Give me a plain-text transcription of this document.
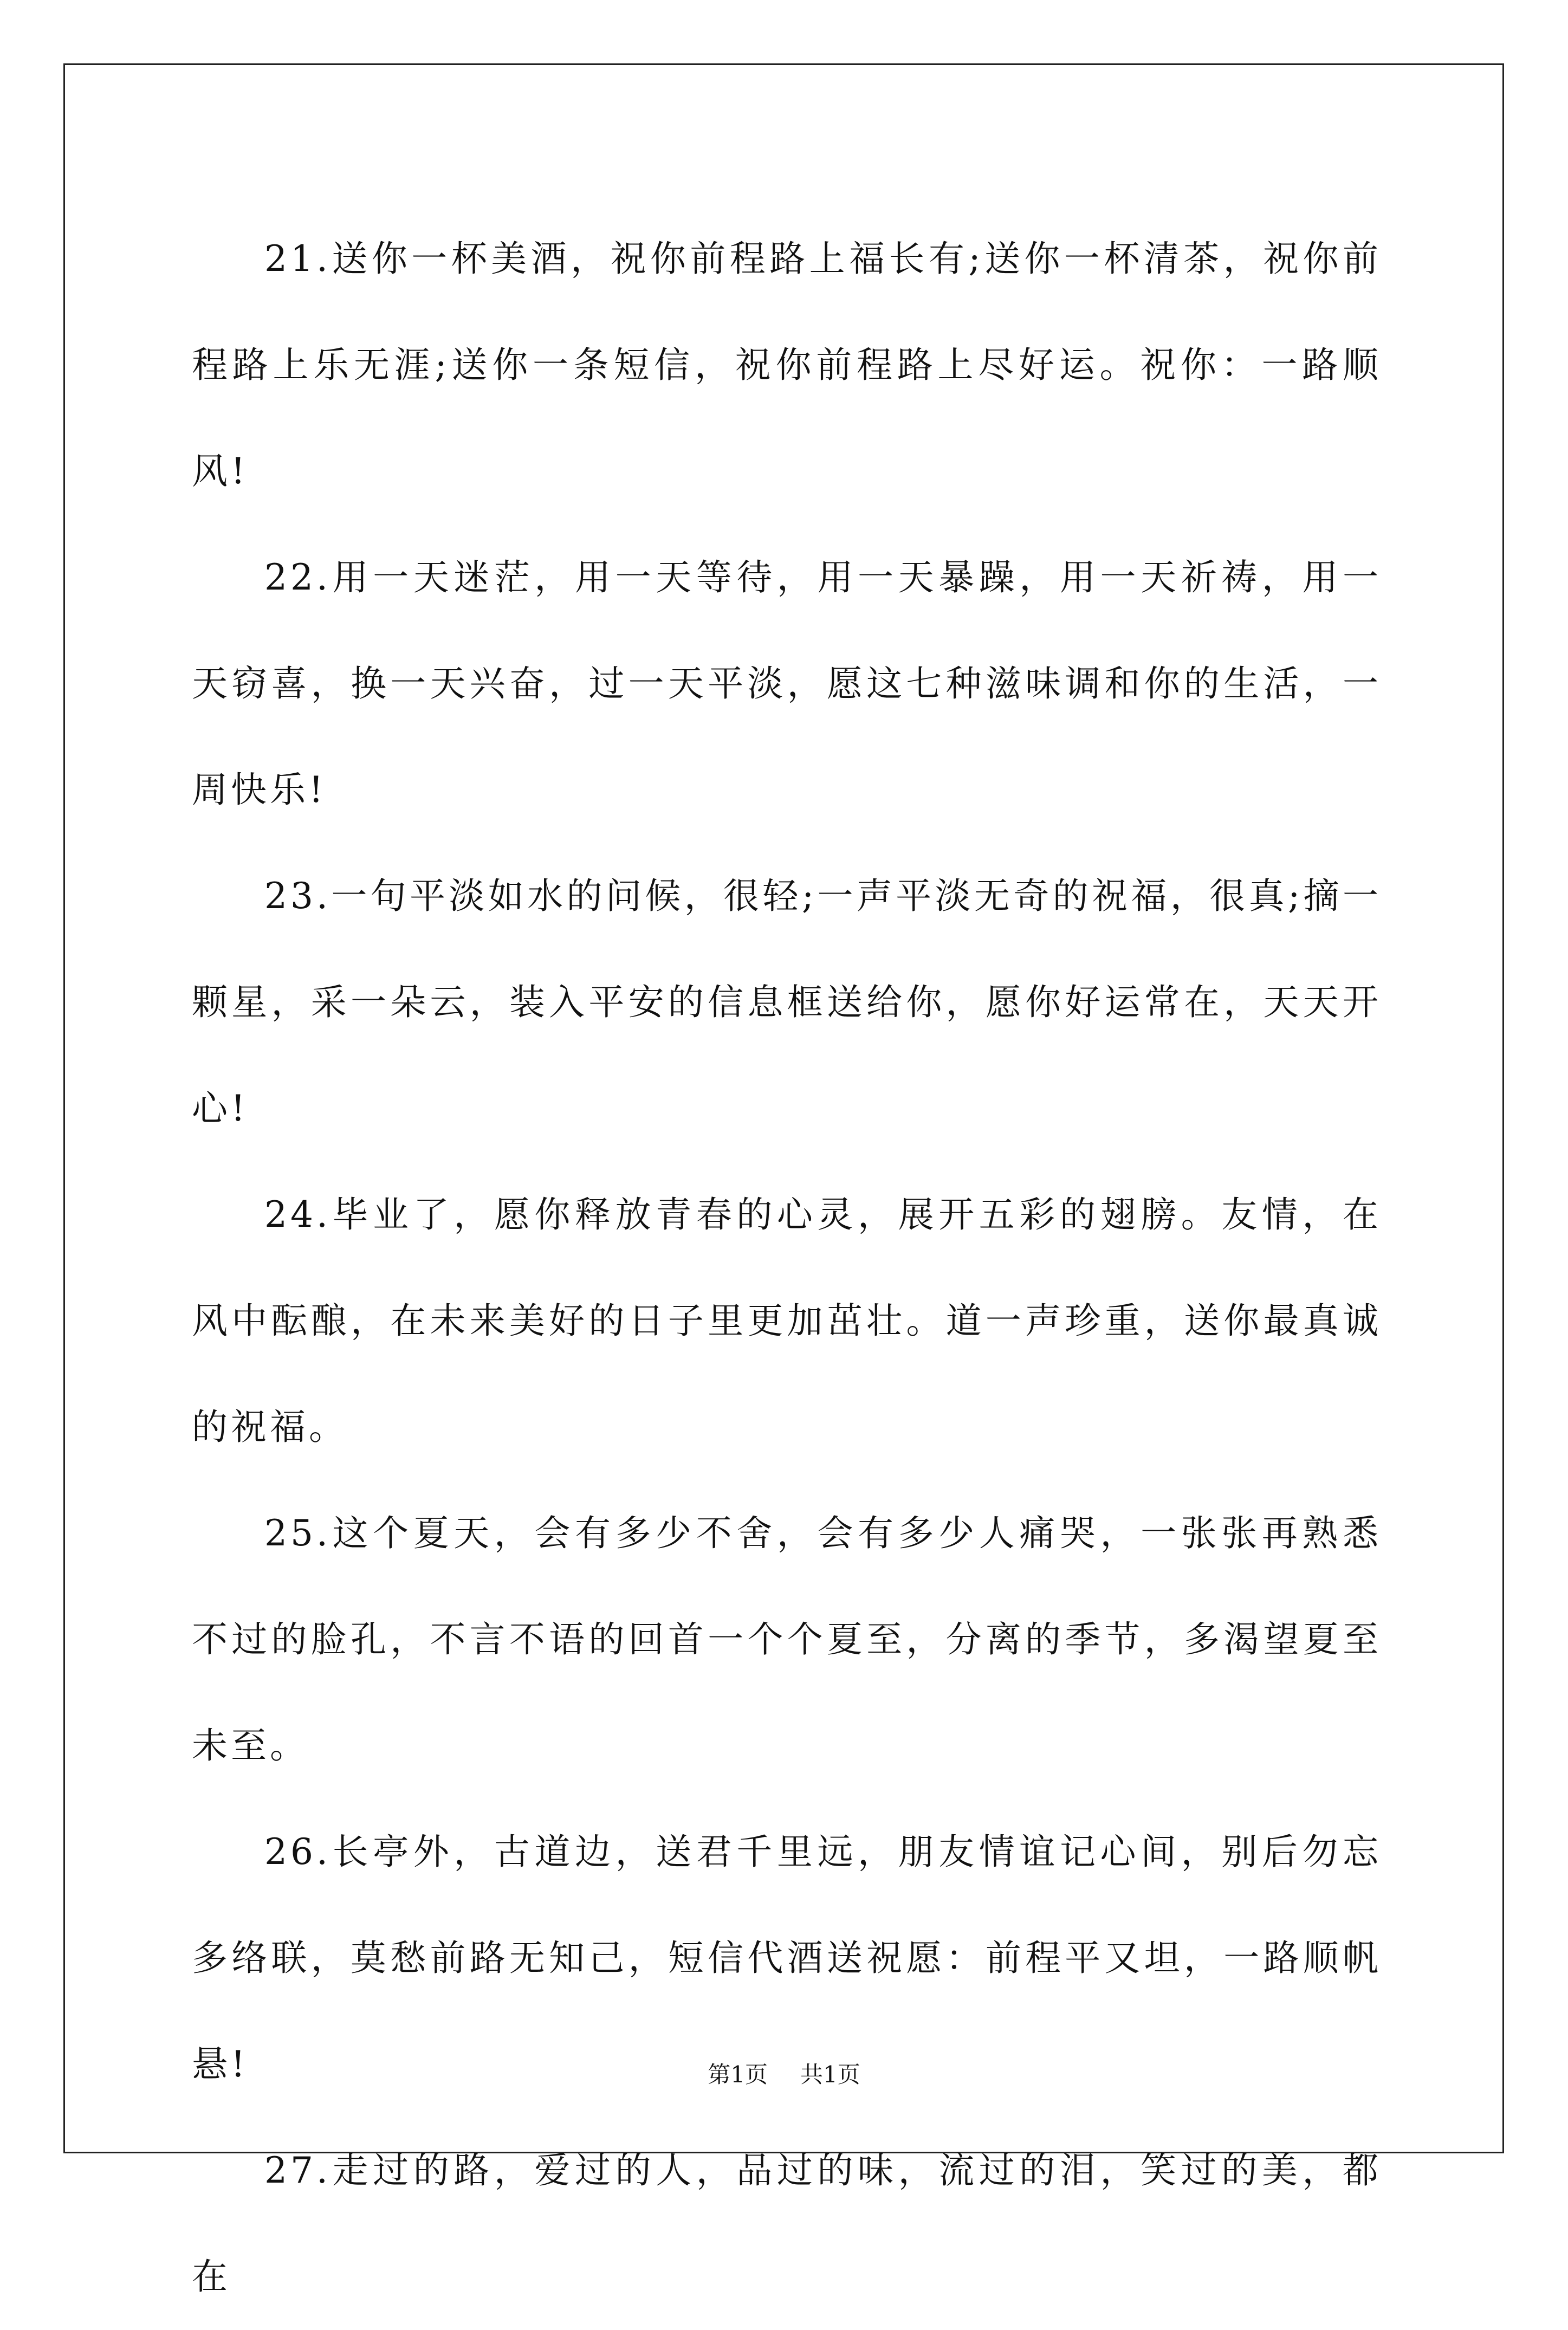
21.送你一杯美酒，祝你前程路上福长有;送你一杯清茶，祝你前程路上乐无涯;送你一条短信，祝你前程路上尽好运。祝你：一路顺风!

22.用一天迷茫，用一天等待，用一天暴躁，用一天祈祷，用一天窃喜，换一天兴奋，过一天平淡，愿这七种滋味调和你的生活，一周快乐!

23.一句平淡如水的问候，很轻;一声平淡无奇的祝福，很真;摘一颗星，采一朵云，装入平安的信息框送给你，愿你好运常在，天天开心!

24.毕业了，愿你释放青春的心灵，展开五彩的翅膀。友情，在风中酝酿，在未来美好的日子里更加茁壮。道一声珍重，送你最真诚的祝福。

25.这个夏天，会有多少不舍，会有多少人痛哭，一张张再熟悉不过的脸孔，不言不语的回首一个个夏至，分离的季节，多渴望夏至未至。

26.长亭外，古道边，送君千里远，朋友情谊记心间，别后勿忘多络联，莫愁前路无知己，短信代酒送祝愿：前程平又坦，一路顺帆悬!

27.走过的路，爱过的人，品过的味，流过的泪，笑过的美，都在

第1页 共1页
